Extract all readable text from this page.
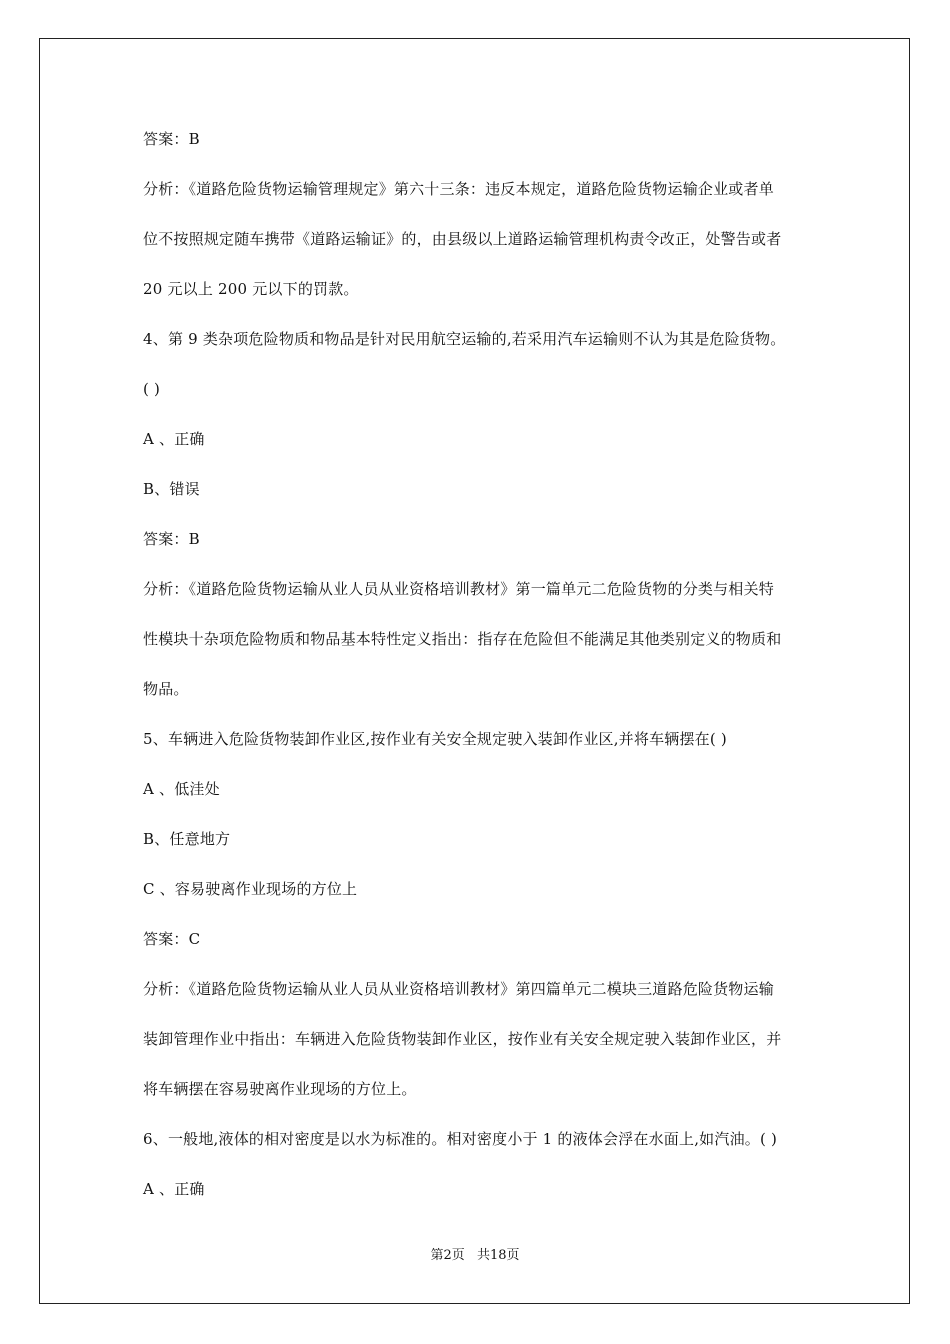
答案：B
分析：《道路危险货物运输管理规定》第六十三条：违反本规定，道路危险货物运输企业或者单
位不按照规定随车携带《道路运输证》的，由县级以上道路运输管理机构责令改正，处警告或者
20 元以上 200 元以下的罚款。
4、第 9 类杂项危险物质和物品是针对民用航空运输的,若采用汽车运输则不认为其是危险货物。
( )
A 、正确
B、错误
答案：B
分析：《道路危险货物运输从业人员从业资格培训教材》第一篇单元二危险货物的分类与相关特
性模块十杂项危险物质和物品基本特性定义指出：指存在危险但不能满足其他类别定义的物质和
物品。
5、车辆进入危险货物装卸作业区,按作业有关安全规定驶入装卸作业区,并将车辆摆在( )
A 、低洼处
B、任意地方
C 、容易驶离作业现场的方位上
答案：C
分析：《道路危险货物运输从业人员从业资格培训教材》第四篇单元二模块三道路危险货物运输
装卸管理作业中指出：车辆进入危险货物装卸作业区，按作业有关安全规定驶入装卸作业区，并
将车辆摆在容易驶离作业现场的方位上。
6、一般地,液体的相对密度是以水为标准的。相对密度小于 1 的液体会浮在水面上,如汽油。( )
A 、正确
第2页 共18页
